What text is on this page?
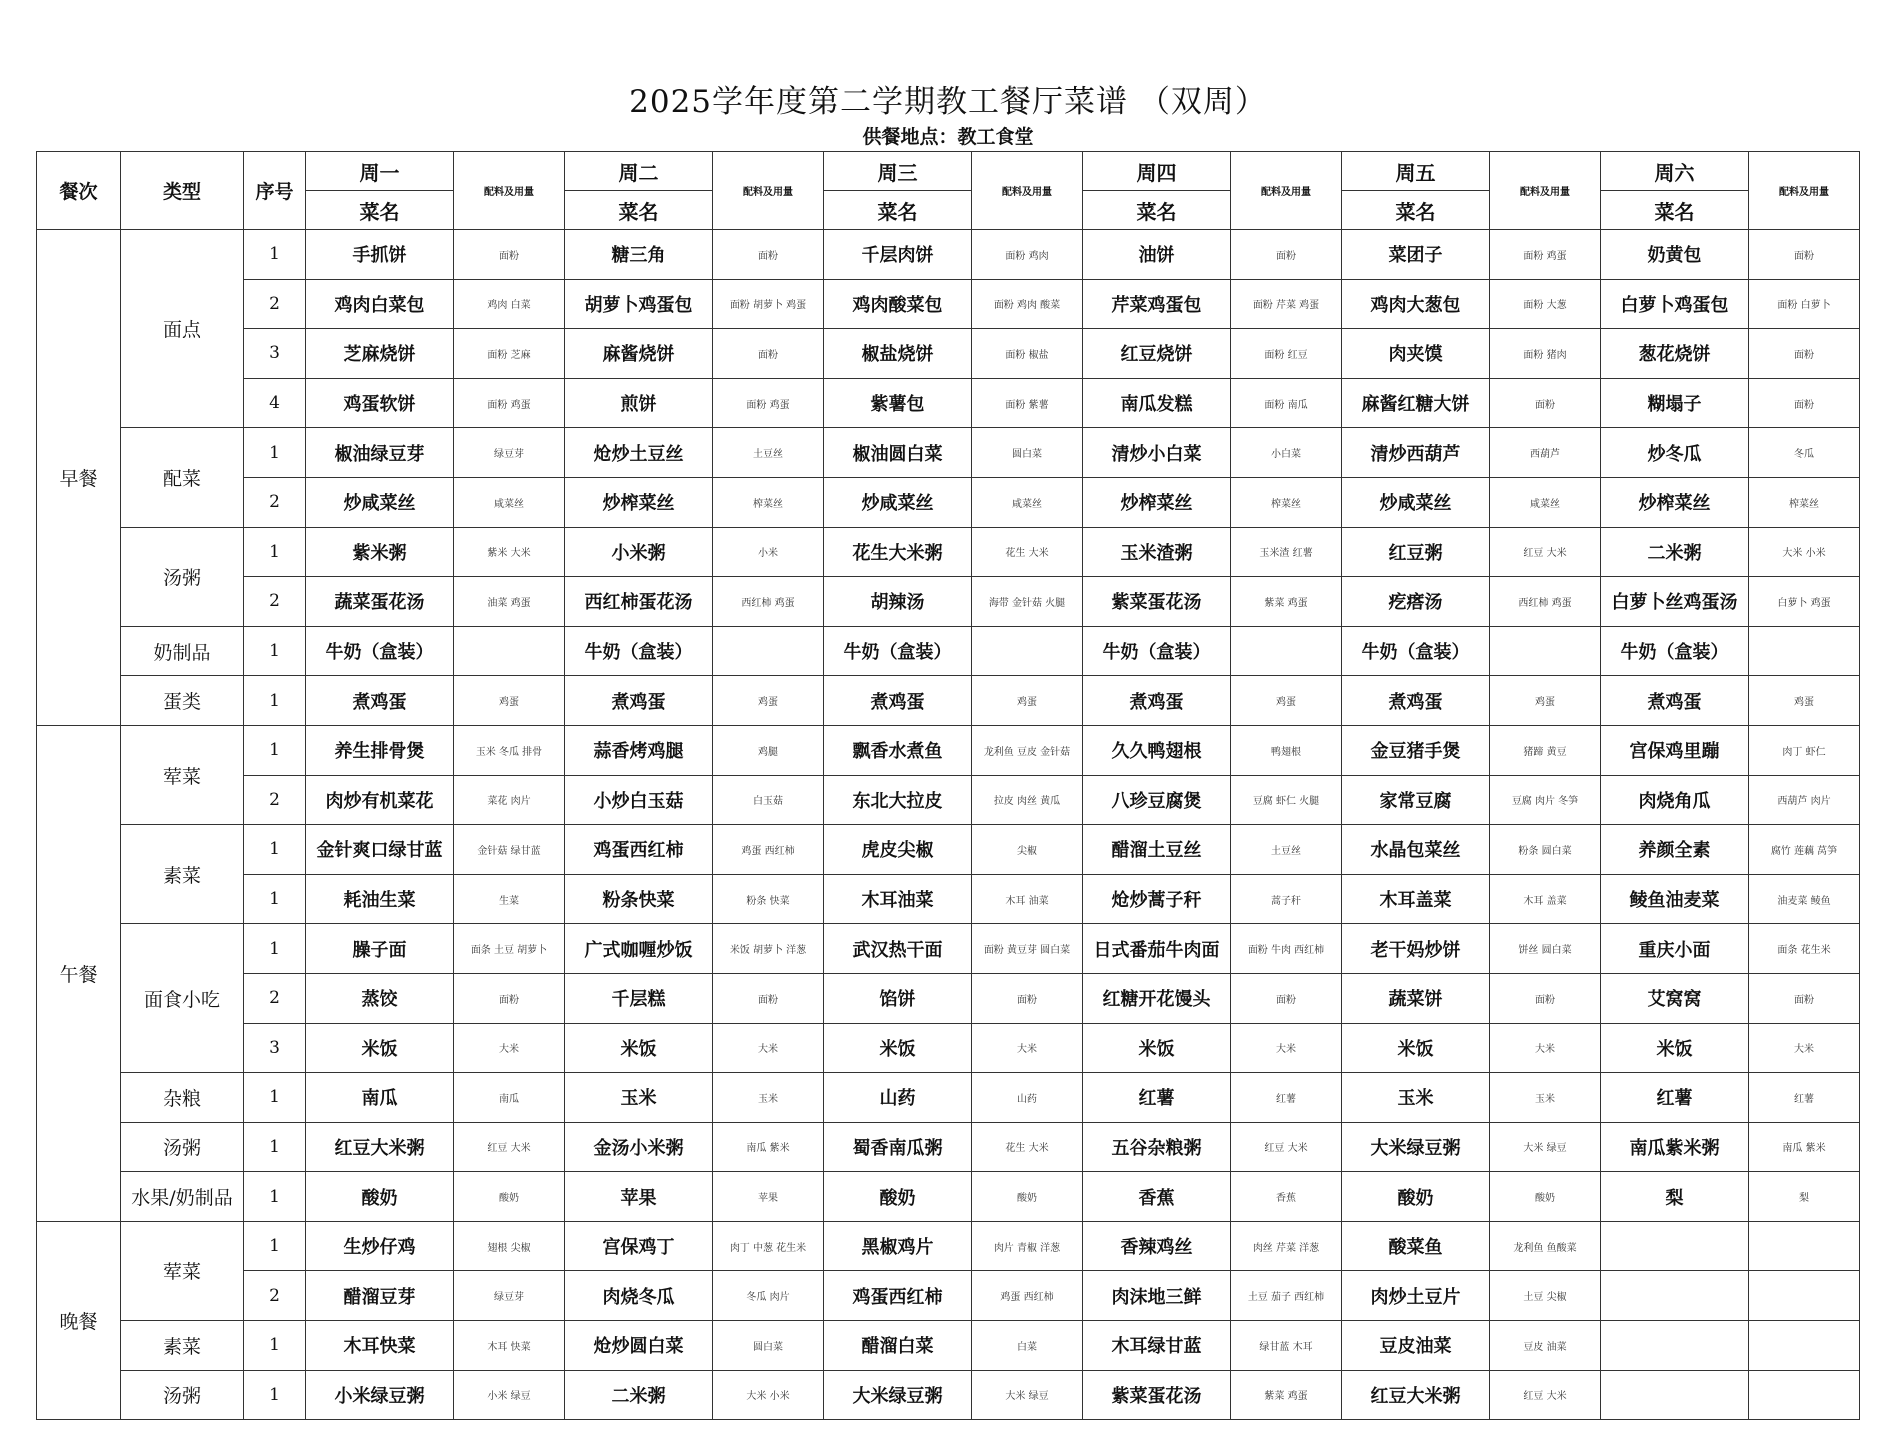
2025学年度第二学期教工餐厅菜谱 （双周）
供餐地点：教工食堂
餐次	类型	序号	周一	配料及用量	周二	配料及用量	周三	配料及用量	周四	配料及用量	周五	配料及用量	周六	配料及用量
			菜名		菜名		菜名		菜名		菜名		菜名	
早餐	面点	1	手抓饼	面粉	糖三角	面粉	千层肉饼	面粉 鸡肉	油饼	面粉	菜团子	面粉 鸡蛋	奶黄包	面粉
		2	鸡肉白菜包	鸡肉 白菜	胡萝卜鸡蛋包	面粉 胡萝卜 鸡蛋	鸡肉酸菜包	面粉 鸡肉 酸菜	芹菜鸡蛋包	面粉 芹菜 鸡蛋	鸡肉大葱包	面粉 大葱	白萝卜鸡蛋包	面粉 白萝卜
		3	芝麻烧饼	面粉 芝麻	麻酱烧饼	面粉	椒盐烧饼	面粉 椒盐	红豆烧饼	面粉 红豆	肉夹馍	面粉 猪肉	葱花烧饼	面粉
		4	鸡蛋软饼	面粉 鸡蛋	煎饼	面粉 鸡蛋	紫薯包	面粉 紫薯	南瓜发糕	面粉 南瓜	麻酱红糖大饼	面粉	糊塌子	面粉
	配菜	1	椒油绿豆芽	绿豆芽	炝炒土豆丝	土豆丝	椒油圆白菜	圆白菜	清炒小白菜	小白菜	清炒西葫芦	西葫芦	炒冬瓜	冬瓜
		2	炒咸菜丝	咸菜丝	炒榨菜丝	榨菜丝	炒咸菜丝	咸菜丝	炒榨菜丝	榨菜丝	炒咸菜丝	咸菜丝	炒榨菜丝	榨菜丝
	汤粥	1	紫米粥	紫米 大米	小米粥	小米	花生大米粥	花生 大米	玉米渣粥	玉米渣 红薯	红豆粥	红豆 大米	二米粥	大米 小米
		2	蔬菜蛋花汤	油菜 鸡蛋	西红柿蛋花汤	西红柿 鸡蛋	胡辣汤	海带 金针菇 火腿	紫菜蛋花汤	紫菜 鸡蛋	疙瘩汤	西红柿 鸡蛋	白萝卜丝鸡蛋汤	白萝卜 鸡蛋
	奶制品	1	牛奶（盒装）		牛奶（盒装）		牛奶（盒装）		牛奶（盒装）		牛奶（盒装）		牛奶（盒装）	
	蛋类	1	煮鸡蛋	鸡蛋	煮鸡蛋	鸡蛋	煮鸡蛋	鸡蛋	煮鸡蛋	鸡蛋	煮鸡蛋	鸡蛋	煮鸡蛋	鸡蛋
午餐	荤菜	1	养生排骨煲	玉米 冬瓜 排骨	蒜香烤鸡腿	鸡腿	飘香水煮鱼	龙利鱼 豆皮 金针菇	久久鸭翅根	鸭翅根	金豆猪手煲	猪蹄 黄豆	宫保鸡里蹦	肉丁 虾仁
		2	肉炒有机菜花	菜花 肉片	小炒白玉菇	白玉菇	东北大拉皮	拉皮 肉丝 黄瓜	八珍豆腐煲	豆腐 虾仁 火腿	家常豆腐	豆腐 肉片 冬笋	肉烧角瓜	西葫芦 肉片
	素菜	1	金针爽口绿甘蓝	金针菇 绿甘蓝	鸡蛋西红柿	鸡蛋 西红柿	虎皮尖椒	尖椒	醋溜土豆丝	土豆丝	水晶包菜丝	粉条 圆白菜	养颜全素	腐竹 莲藕 莴笋
		1	耗油生菜	生菜	粉条快菜	粉条 快菜	木耳油菜	木耳 油菜	炝炒蒿子秆	蒿子秆	木耳盖菜	木耳 盖菜	鲮鱼油麦菜	油麦菜 鲮鱼
	面食小吃	1	臊子面	面条 土豆 胡萝卜	广式咖喱炒饭	米饭 胡萝卜 洋葱	武汉热干面	面粉 黄豆芽 圆白菜	日式番茄牛肉面	面粉 牛肉 西红柿	老干妈炒饼	饼丝 圆白菜	重庆小面	面条 花生米
		2	蒸饺	面粉	千层糕	面粉	馅饼	面粉	红糖开花馒头	面粉	蔬菜饼	面粉	艾窝窝	面粉
		3	米饭	大米	米饭	大米	米饭	大米	米饭	大米	米饭	大米	米饭	大米
	杂粮	1	南瓜	南瓜	玉米	玉米	山药	山药	红薯	红薯	玉米	玉米	红薯	红薯
	汤粥	1	红豆大米粥	红豆 大米	金汤小米粥	南瓜 紫米	蜀香南瓜粥	花生 大米	五谷杂粮粥	红豆 大米	大米绿豆粥	大米 绿豆	南瓜紫米粥	南瓜 紫米
	水果/奶制品	1	酸奶	酸奶	苹果	苹果	酸奶	酸奶	香蕉	香蕉	酸奶	酸奶	梨	梨
晚餐	荤菜	1	生炒仔鸡	翅根 尖椒	宫保鸡丁	肉丁 中葱 花生米	黑椒鸡片	肉片 青椒 洋葱	香辣鸡丝	肉丝 芹菜 洋葱	酸菜鱼	龙利鱼 鱼酸菜		
		2	醋溜豆芽	绿豆芽	肉烧冬瓜	冬瓜 肉片	鸡蛋西红柿	鸡蛋 西红柿	肉沫地三鲜	土豆 茄子 西红柿	肉炒土豆片	土豆 尖椒		
	素菜	1	木耳快菜	木耳 快菜	炝炒圆白菜	圆白菜	醋溜白菜	白菜	木耳绿甘蓝	绿甘蓝 木耳	豆皮油菜	豆皮 油菜		
	汤粥	1	小米绿豆粥	小米 绿豆	二米粥	大米 小米	大米绿豆粥	大米 绿豆	紫菜蛋花汤	紫菜 鸡蛋	红豆大米粥	红豆 大米		
